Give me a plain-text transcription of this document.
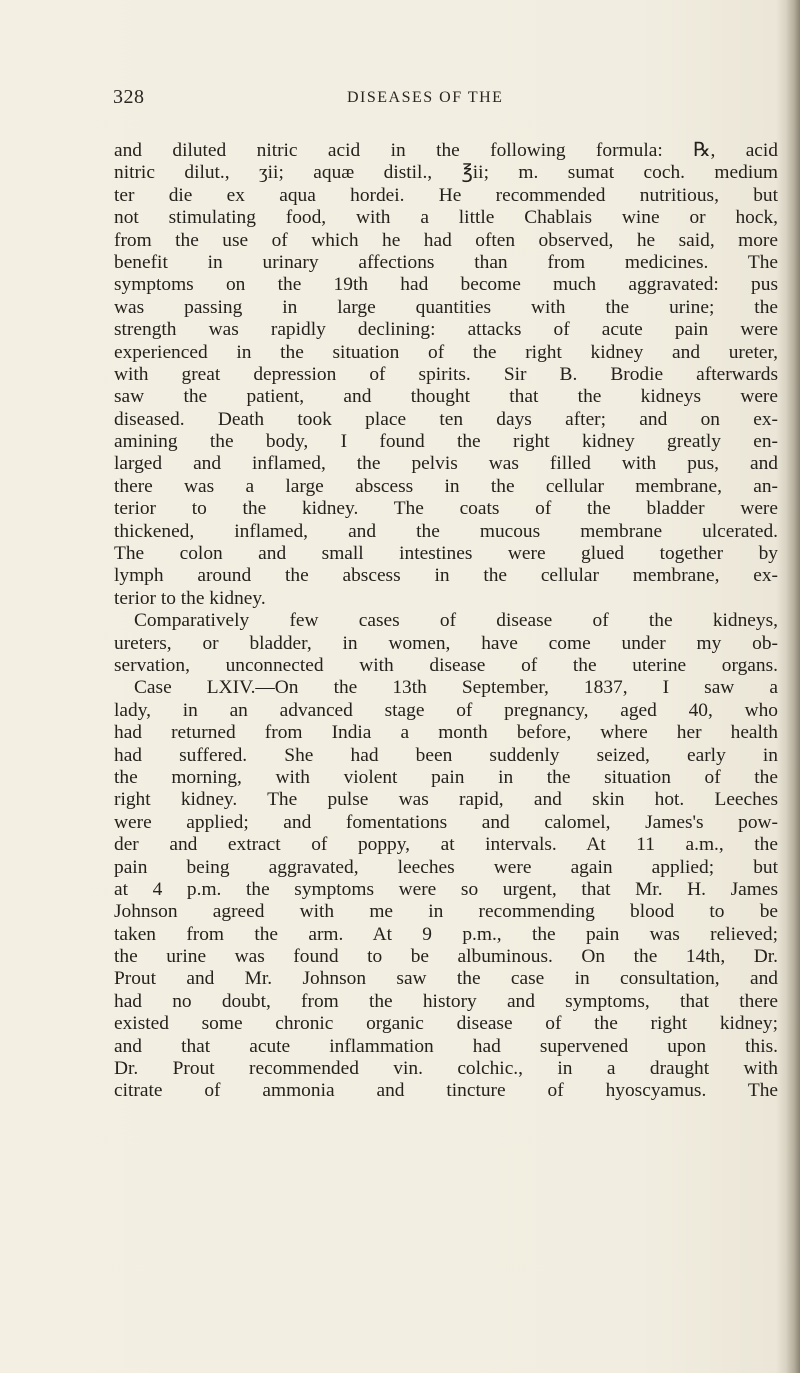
328	DISEASES OF THE
and diluted nitric acid in the following formula: ℞, acid
nitric dilut., ʒii; aquæ distil., ℥ii; m. sumat coch. medium
ter die ex aqua hordei. He recommended nutritious, but
not stimulating food, with a little Chablais wine or hock,
from the use of which he had often observed, he said, more
benefit in urinary affections than from medicines. The
symptoms on the 19th had become much aggravated: pus
was passing in large quantities with the urine; the
strength was rapidly declining: attacks of acute pain were
experienced in the situation of the right kidney and ureter,
with great depression of spirits. Sir B. Brodie afterwards
saw the patient, and thought that the kidneys were
diseased. Death took place ten days after; and on ex-
amining the body, I found the right kidney greatly en-
larged and inflamed, the pelvis was filled with pus, and
there was a large abscess in the cellular membrane, an-
terior to the kidney. The coats of the bladder were
thickened, inflamed, and the mucous membrane ulcerated.
The colon and small intestines were glued together by
lymph around the abscess in the cellular membrane, ex-
terior to the kidney.
Comparatively few cases of disease of the kidneys,
ureters, or bladder, in women, have come under my ob-
servation, unconnected with disease of the uterine organs.
Case LXIV.—On the 13th September, 1837, I saw a
lady, in an advanced stage of pregnancy, aged 40, who
had returned from India a month before, where her health
had suffered. She had been suddenly seized, early in
the morning, with violent pain in the situation of the
right kidney. The pulse was rapid, and skin hot. Leeches
were applied; and fomentations and calomel, James's pow-
der and extract of poppy, at intervals. At 11 a.m., the
pain being aggravated, leeches were again applied; but
at 4 p.m. the symptoms were so urgent, that Mr. H. James
Johnson agreed with me in recommending blood to be
taken from the arm. At 9 p.m., the pain was relieved;
the urine was found to be albuminous. On the 14th, Dr.
Prout and Mr. Johnson saw the case in consultation, and
had no doubt, from the history and symptoms, that there
existed some chronic organic disease of the right kidney;
and that acute inflammation had supervened upon this.
Dr. Prout recommended vin. colchic., in a draught with
citrate of ammonia and tincture of hyoscyamus. The
